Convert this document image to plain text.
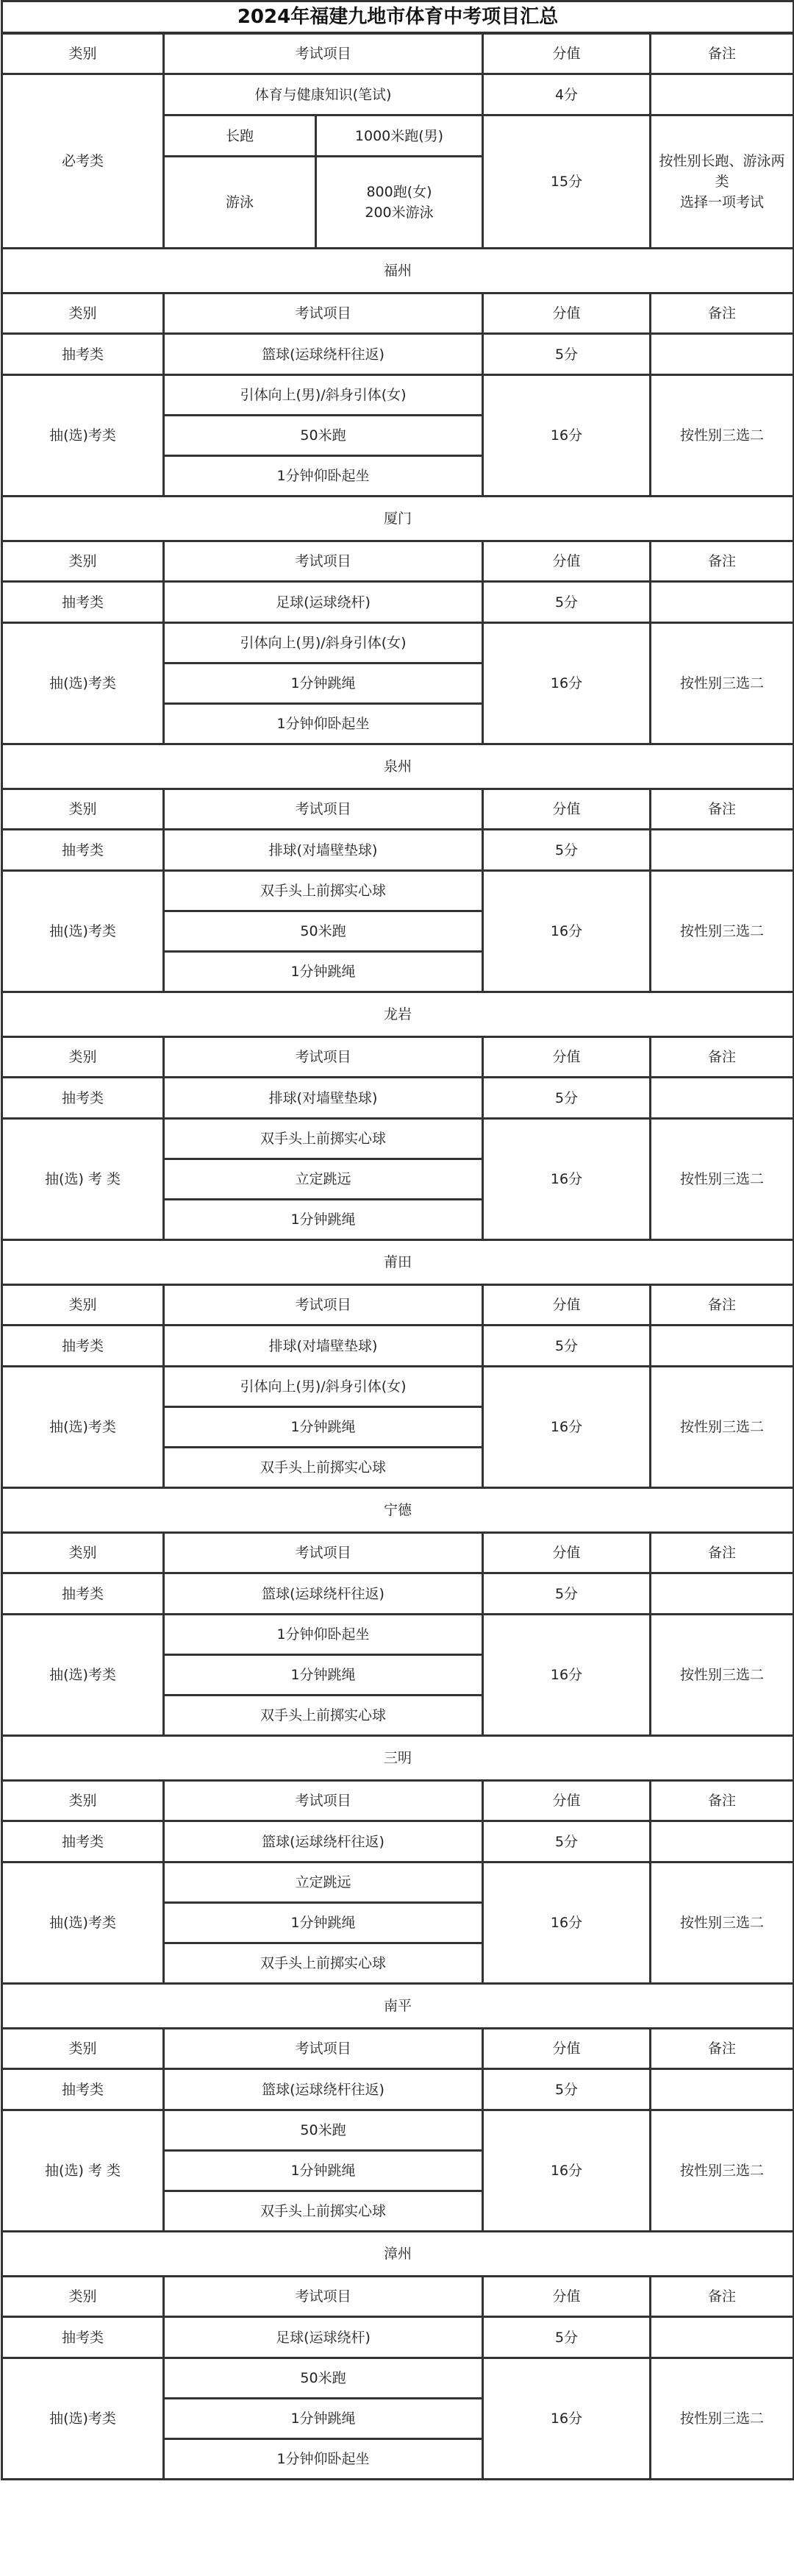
2024年福建九地市体育中考项目汇总				
类别	考试项目		分值	备注
必考类	体育与健康知识(笔试)		4分	
	长跑	1000米跑(男)	15分	按性别长跑、游泳两类
选择一项考试
	游泳	800跑(女)
200米游泳		
福州				
类别	考试项目		分值	备注
抽考类	篮球(运球绕杆往返)		5分	
抽(选)考类	引体向上(男)/斜身引体(女)		16分	按性别三选二
	50米跑			
	1分钟仰卧起坐			
厦门				
类别	考试项目		分值	备注
抽考类	足球(运球绕杆)		5分	
抽(选)考类	引体向上(男)/斜身引体(女)		16分	按性别三选二
	1分钟跳绳			
	1分钟仰卧起坐			
泉州				
类别	考试项目		分值	备注
抽考类	排球(对墙壁垫球)		5分	
抽(选)考类	双手头上前掷实心球		16分	按性别三选二
	50米跑			
	1分钟跳绳			
龙岩				
类别	考试项目		分值	备注
抽考类	排球(对墙壁垫球)		5分	
抽(选) 考 类	双手头上前掷实心球		16分	按性别三选二
	立定跳远			
	1分钟跳绳			
莆田				
类别	考试项目		分值	备注
抽考类	排球(对墙壁垫球)		5分	
抽(选)考类	引体向上(男)/斜身引体(女)		16分	按性别三选二
	1分钟跳绳			
	双手头上前掷实心球			
宁德				
类别	考试项目		分值	备注
抽考类	篮球(运球绕杆往返)		5分	
抽(选)考类	1分钟仰卧起坐		16分	按性别三选二
	1分钟跳绳			
	双手头上前掷实心球			
三明				
类别	考试项目		分值	备注
抽考类	篮球(运球绕杆往返)		5分	
抽(选)考类	立定跳远		16分	按性别三选二
	1分钟跳绳			
	双手头上前掷实心球			
南平				
类别	考试项目		分值	备注
抽考类	篮球(运球绕杆往返)		5分	
抽(选) 考 类	50米跑		16分	按性别三选二
	1分钟跳绳			
	双手头上前掷实心球			
漳州				
类别	考试项目		分值	备注
抽考类	足球(运球绕杆)		5分	
抽(选)考类	50米跑		16分	按性别三选二
	1分钟跳绳			
	1分钟仰卧起坐			
